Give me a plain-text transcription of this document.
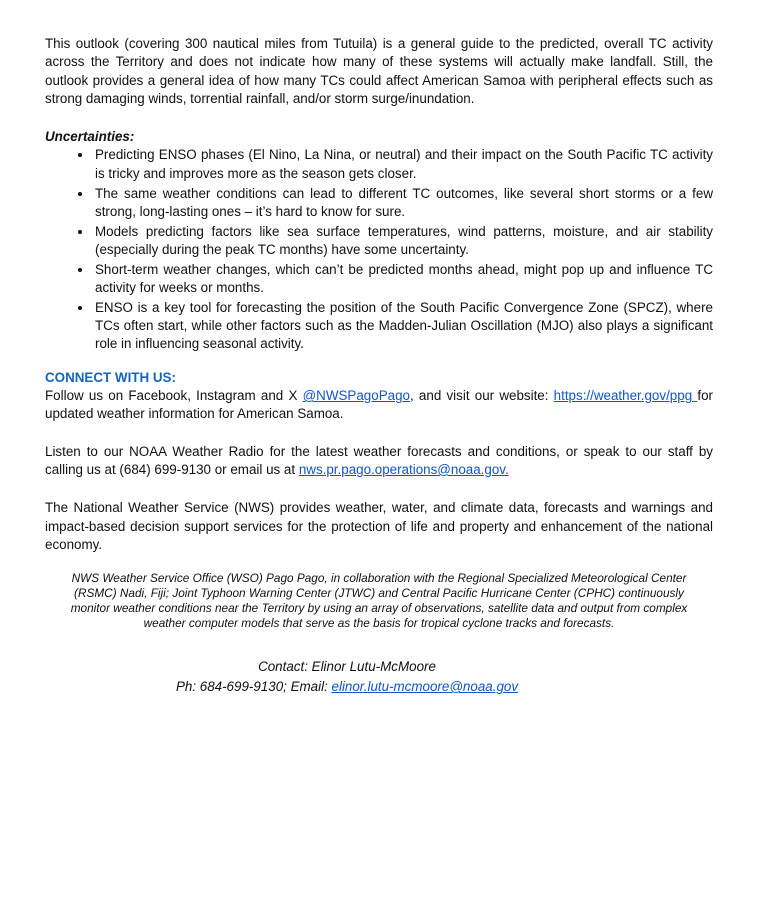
This outlook (covering 300 nautical miles from Tutuila) is a general guide to the predicted, overall TC activity across the Territory and does not indicate how many of these systems will actually make landfall. Still, the outlook provides a general idea of how many TCs could affect American Samoa with peripheral effects such as strong damaging winds, torrential rainfall, and/or storm surge/inundation.

Uncertainties:

• Predicting ENSO phases (El Nino, La Nina, or neutral) and their impact on the South Pacific TC activity is tricky and improves more as the season gets closer.
• The same weather conditions can lead to different TC outcomes, like several short storms or a few strong, long-lasting ones – it’s hard to know for sure.
• Models predicting factors like sea surface temperatures, wind patterns, moisture, and air stability (especially during the peak TC months) have some uncertainty.
• Short-term weather changes, which can’t be predicted months ahead, might pop up and influence TC activity for weeks or months.
• ENSO is a key tool for forecasting the position of the South Pacific Convergence Zone (SPCZ), where TCs often start, while other factors such as the Madden-Julian Oscillation (MJO) also plays a significant role in influencing seasonal activity.

CONNECT WITH US:

Follow us on Facebook, Instagram and X @NWSPagoPago, and visit our website: https://weather.gov/ppg for updated weather information for American Samoa.

Listen to our NOAA Weather Radio for the latest weather forecasts and conditions, or speak to our staff by calling us at (684) 699-9130 or email us at nws.pr.pago.operations@noaa.gov.

The National Weather Service (NWS) provides weather, water, and climate data, forecasts and warnings and impact-based decision support services for the protection of life and property and enhancement of the national economy.

NWS Weather Service Office (WSO) Pago Pago, in collaboration with the Regional Specialized Meteorological Center (RSMC) Nadi, Fiji; Joint Typhoon Warning Center (JTWC) and Central Pacific Hurricane Center (CPHC) continuously monitor weather conditions near the Territory by using an array of observations, satellite data and output from complex weather computer models that serve as the basis for tropical cyclone tracks and forecasts.

Contact: Elinor Lutu-McMoore

Ph: 684-699-9130; Email: elinor.lutu-mcmoore@noaa.gov
